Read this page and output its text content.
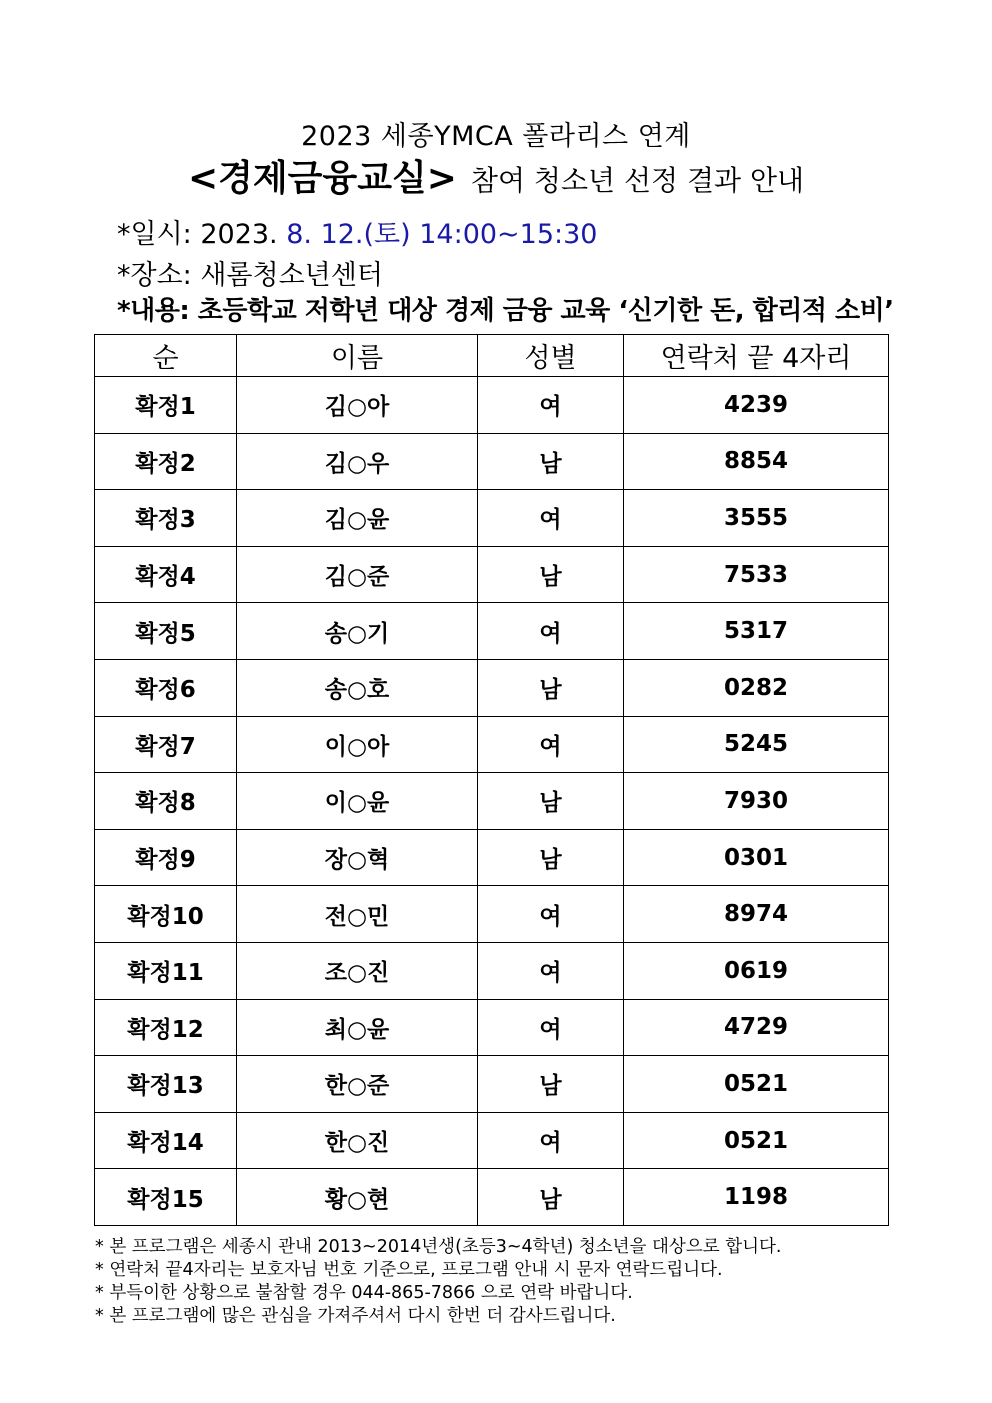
2023 세종YMCA 폴라리스 연계
<경제금융교실> 참여 청소년 선정 결과 안내
*일시: 2023. 8. 12.(토) 14:00~15:30
*장소: 새롬청소년센터
*내용: 초등학교 저학년 대상 경제 금융 교육 ‘신기한 돈, 합리적 소비’
순	이름	성별	연락처 끝 4자리
확정1	김○아	여	4239
확정2	김○우	남	8854
확정3	김○윤	여	3555
확정4	김○준	남	7533
확정5	송○기	여	5317
확정6	송○호	남	0282
확정7	이○아	여	5245
확정8	이○윤	남	7930
확정9	장○혁	남	0301
확정10	전○민	여	8974
확정11	조○진	여	0619
확정12	최○윤	여	4729
확정13	한○준	남	0521
확정14	한○진	여	0521
확정15	황○현	남	1198
* 본 프로그램은 세종시 관내 2013~2014년생(초등3~4학년) 청소년을 대상으로 합니다.
* 연락처 끝4자리는 보호자님 번호 기준으로, 프로그램 안내 시 문자 연락드립니다.
* 부득이한 상황으로 불참할 경우 044-865-7866 으로 연락 바랍니다.
* 본 프로그램에 많은 관심을 가져주셔서 다시 한번 더 감사드립니다.
